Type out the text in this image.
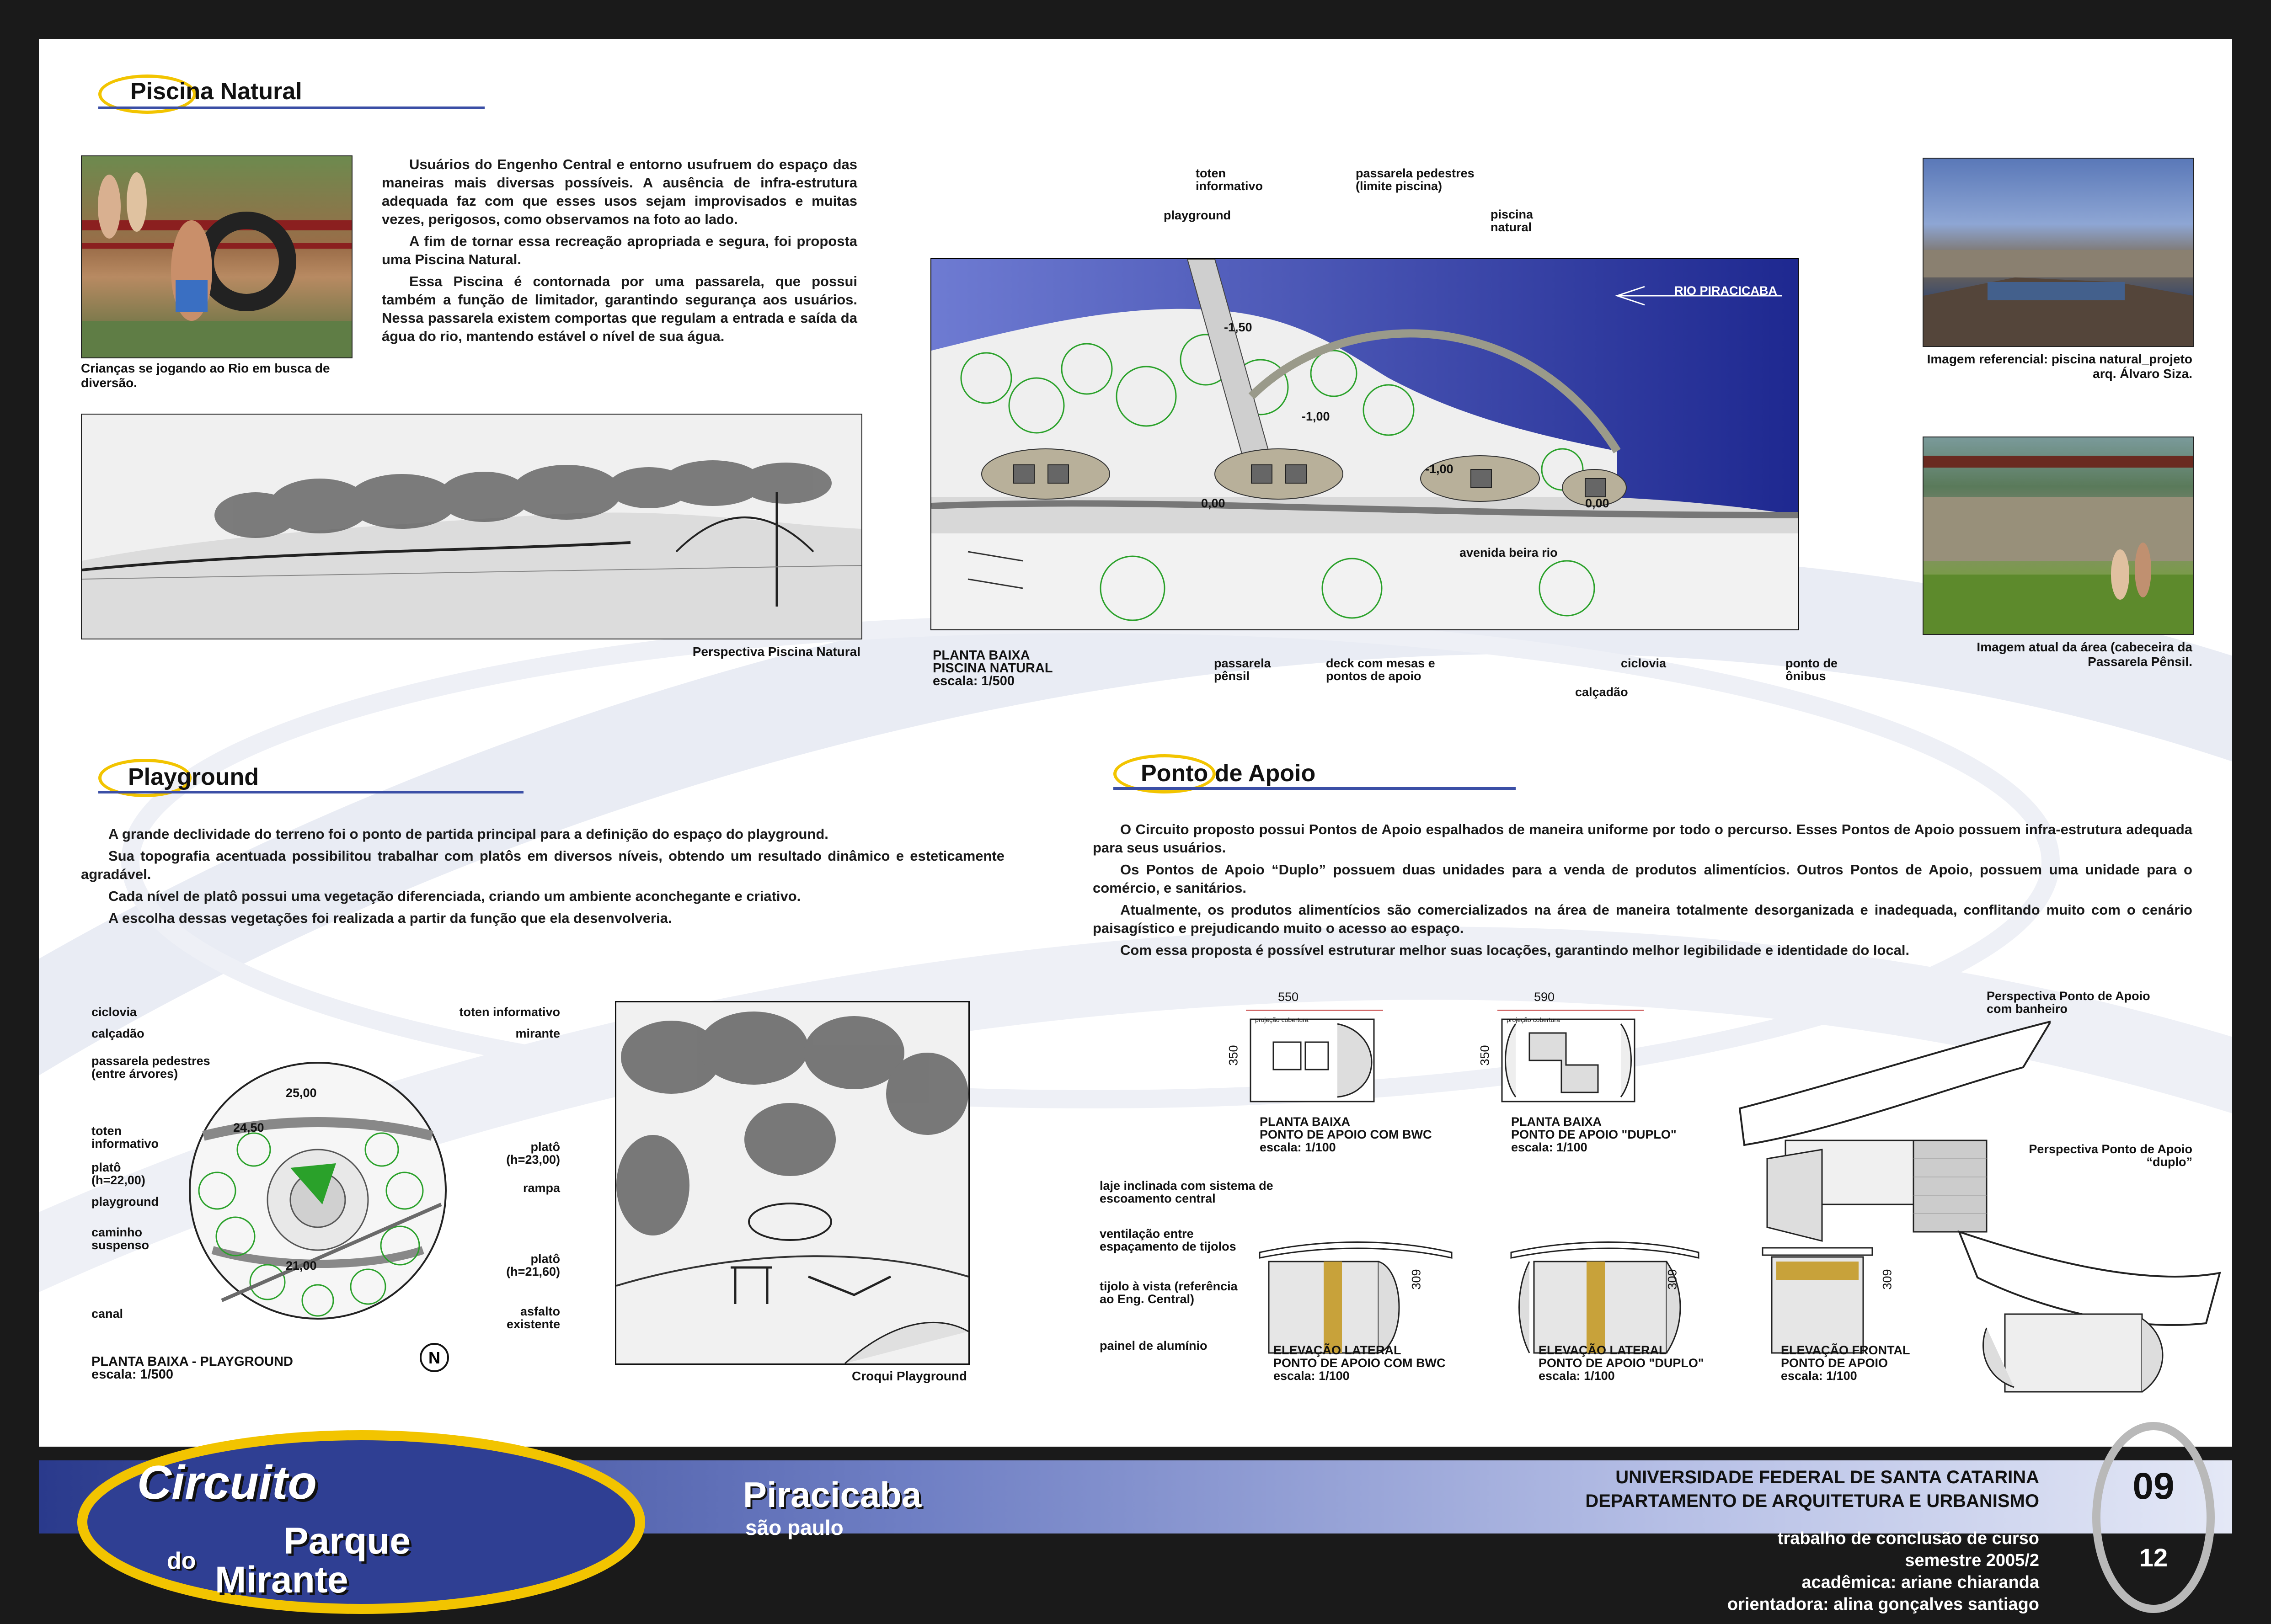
Piscina Natural
Crianças se jogando ao Rio em busca de diversão.

Usuários do Engenho Central e entorno usufruem do espaço das maneiras mais diversas possíveis. A ausência de infra-estrutura adequada faz com que esses usos sejam improvisados e muitas vezes, perigosos, como observamos na foto ao lado.

A fim de tornar essa recreação apropriada e segura, foi proposta uma Piscina Natural.

Essa Piscina é contornada por uma passarela, que possui também a função de limitador, garantindo segurança aos usuários. Nessa passarela existem comportas que regulam a entrada e saída da água do rio, mantendo estável o nível de sua água.

Perspectiva Piscina Natural
toten informativo
passarela pedestres (limite piscina)
piscina natural
playground
RIO PIRACICABA
-1,50
-1,00
-1,00
0,00	0,00
avenida beira rio
PLANTA BAIXA
PISCINA NATURAL
escala: 1/500
passarela pênsil
deck com mesas e pontos de apoio
ciclovia	ponto de ônibus
calçadão
Imagem referencial: piscina natural_projeto arq. Álvaro Siza.
Imagem atual da área (cabeceira da Passarela Pênsil.
Playground

A grande declividade do terreno foi o ponto de partida principal para a definição do espaço do playground.

Sua topografia acentuada possibilitou trabalhar com platôs em diversos níveis, obtendo um resultado dinâmico e esteticamente agradável.

Cada nível de platô possui uma vegetação diferenciada, criando um ambiente aconchegante e criativo.

A escolha dessas vegetações foi realizada a partir da função que ela desenvolveria.

25,00
24,50
21,00
ciclovia
calçadão
passarela pedestres (entre árvores)
toten informativo
platô (h=22,00)
playground
caminho suspenso
canal
toten informativo
mirante
platô (h=23,00)
rampa
platô (h=21,60)
asfalto existente
PLANTA BAIXA - PLAYGROUND
escala: 1/500
N
Croqui Playground
Ponto de Apoio

O Circuito proposto possui Pontos de Apoio espalhados de maneira uniforme por todo o percurso. Esses Pontos de Apoio possuem infra-estrutura adequada para seus usuários.

Os Pontos de Apoio “Duplo” possuem duas unidades para a venda de produtos alimentícios. Outros Pontos de Apoio, possuem uma unidade para o comércio, e sanitários.

Atualmente, os produtos alimentícios são comercializados na área de maneira totalmente desorganizada e inadequada, conflitando muito com o cenário paisagístico e prejudicando muito o acesso ao espaço.

Com essa proposta é possível estruturar melhor suas locações, garantindo melhor legibilidade e identidade do local.

550
350
projeção cobertura
PLANTA BAIXA
PONTO DE APOIO COM BWC
escala: 1/100
590
350
projeção cobertura
PLANTA BAIXA
PONTO DE APOIO "DUPLO"
escala: 1/100
Perspectiva Ponto de Apoio com banheiro
Perspectiva Ponto de Apoio “duplo”
laje inclinada com sistema de escoamento central
ventilação entre espaçamento de tijolos
tijolo à vista (referência ao Eng. Central)
painel de alumínio
309
ELEVAÇÃO LATERAL
PONTO DE APOIO COM BWC
escala: 1/100
309
ELEVAÇÃO LATERAL
PONTO DE APOIO "DUPLO"
escala: 1/100
309
ELEVAÇÃO FRONTAL
PONTO DE APOIO
escala: 1/100
Circuito
Parque
do Mirante
Piracicaba
são paulo
UNIVERSIDADE FEDERAL DE SANTA CATARINA
DEPARTAMENTO DE ARQUITETURA E URBANISMO
trabalho de conclusão de curso
semestre 2005/2
acadêmica: ariane chiaranda
orientadora: alina gonçalves santiago
09
12
